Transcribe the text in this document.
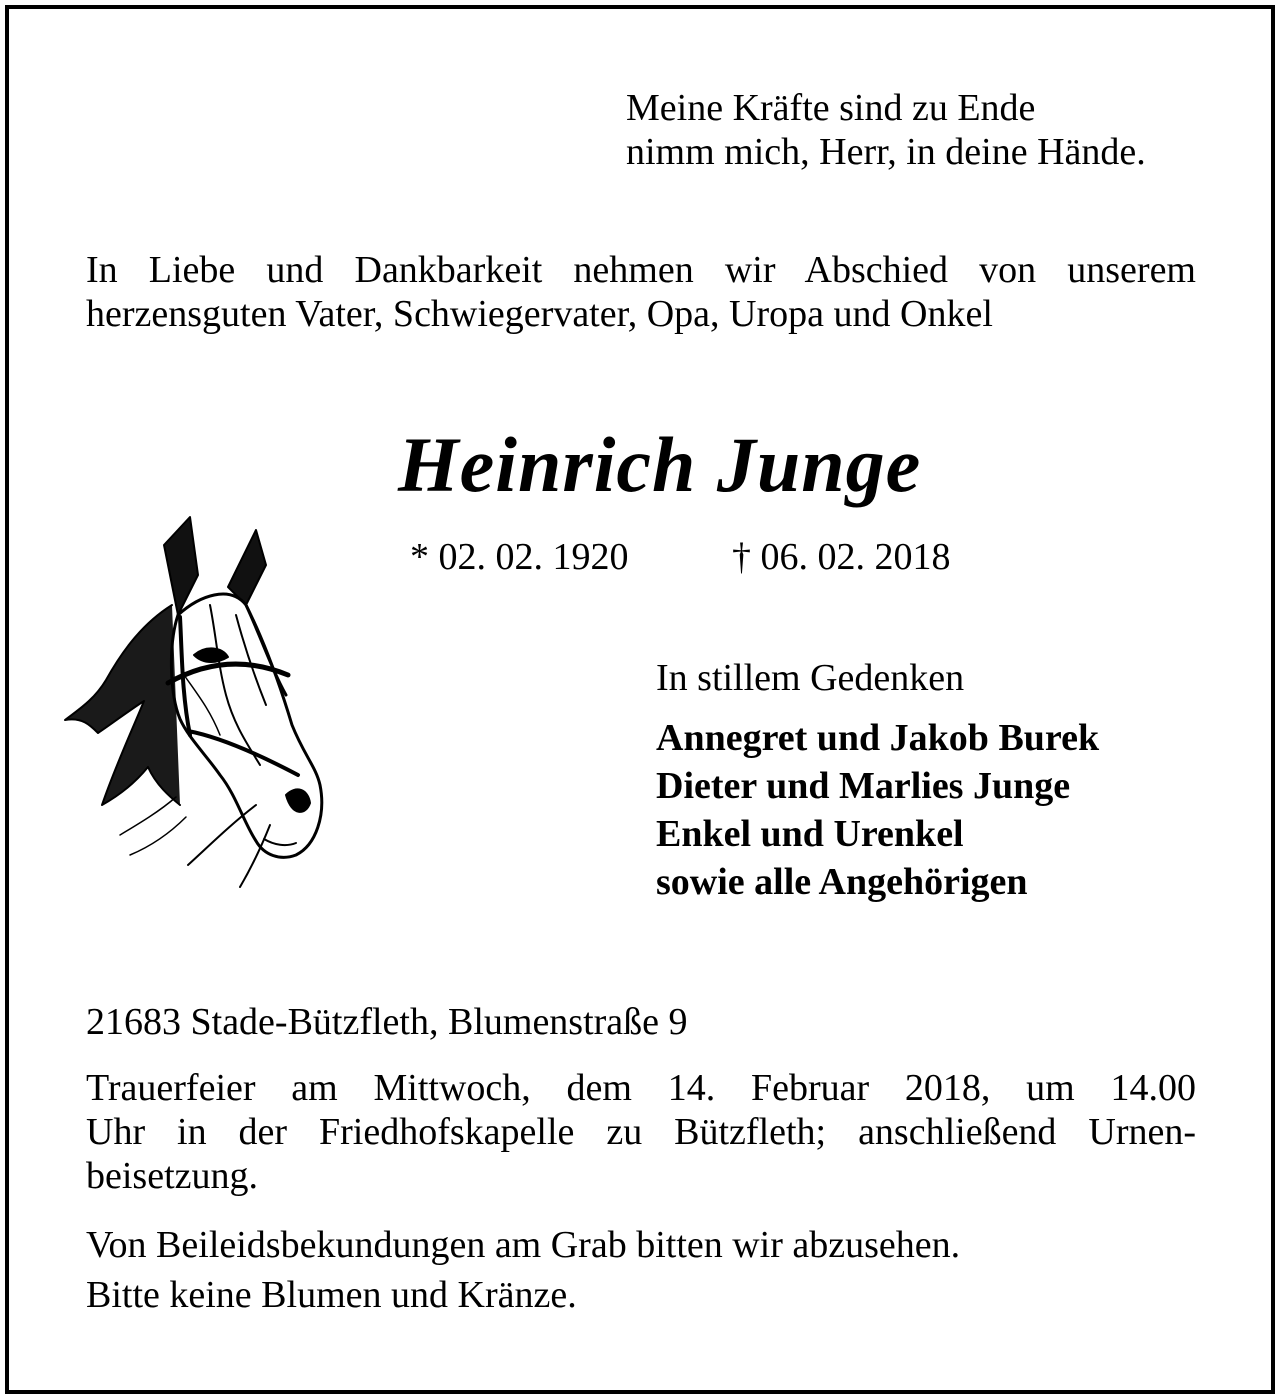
Meine Kräfte sind zu Ende
nimm mich, Herr, in deine Hände.
In Liebe und Dankbarkeit nehmen wir Abschied von unserem
herzensguten Vater, Schwiegervater, Opa, Uropa und Onkel
Heinrich Junge
* 02. 02. 1920	† 06. 02. 2018
In stillem Gedenken
Annegret und Jakob Burek
Dieter und Marlies Junge
Enkel und Urenkel
sowie alle Angehörigen
21683 Stade-Bützfleth, Blumenstraße 9
Trauerfeier am Mittwoch, dem 14. Februar 2018, um 14.00
Uhr in der Friedhofskapelle zu Bützfleth; anschließend Urnen-
beisetzung.
Von Beileidsbekundungen am Grab bitten wir abzusehen.
Bitte keine Blumen und Kränze.
